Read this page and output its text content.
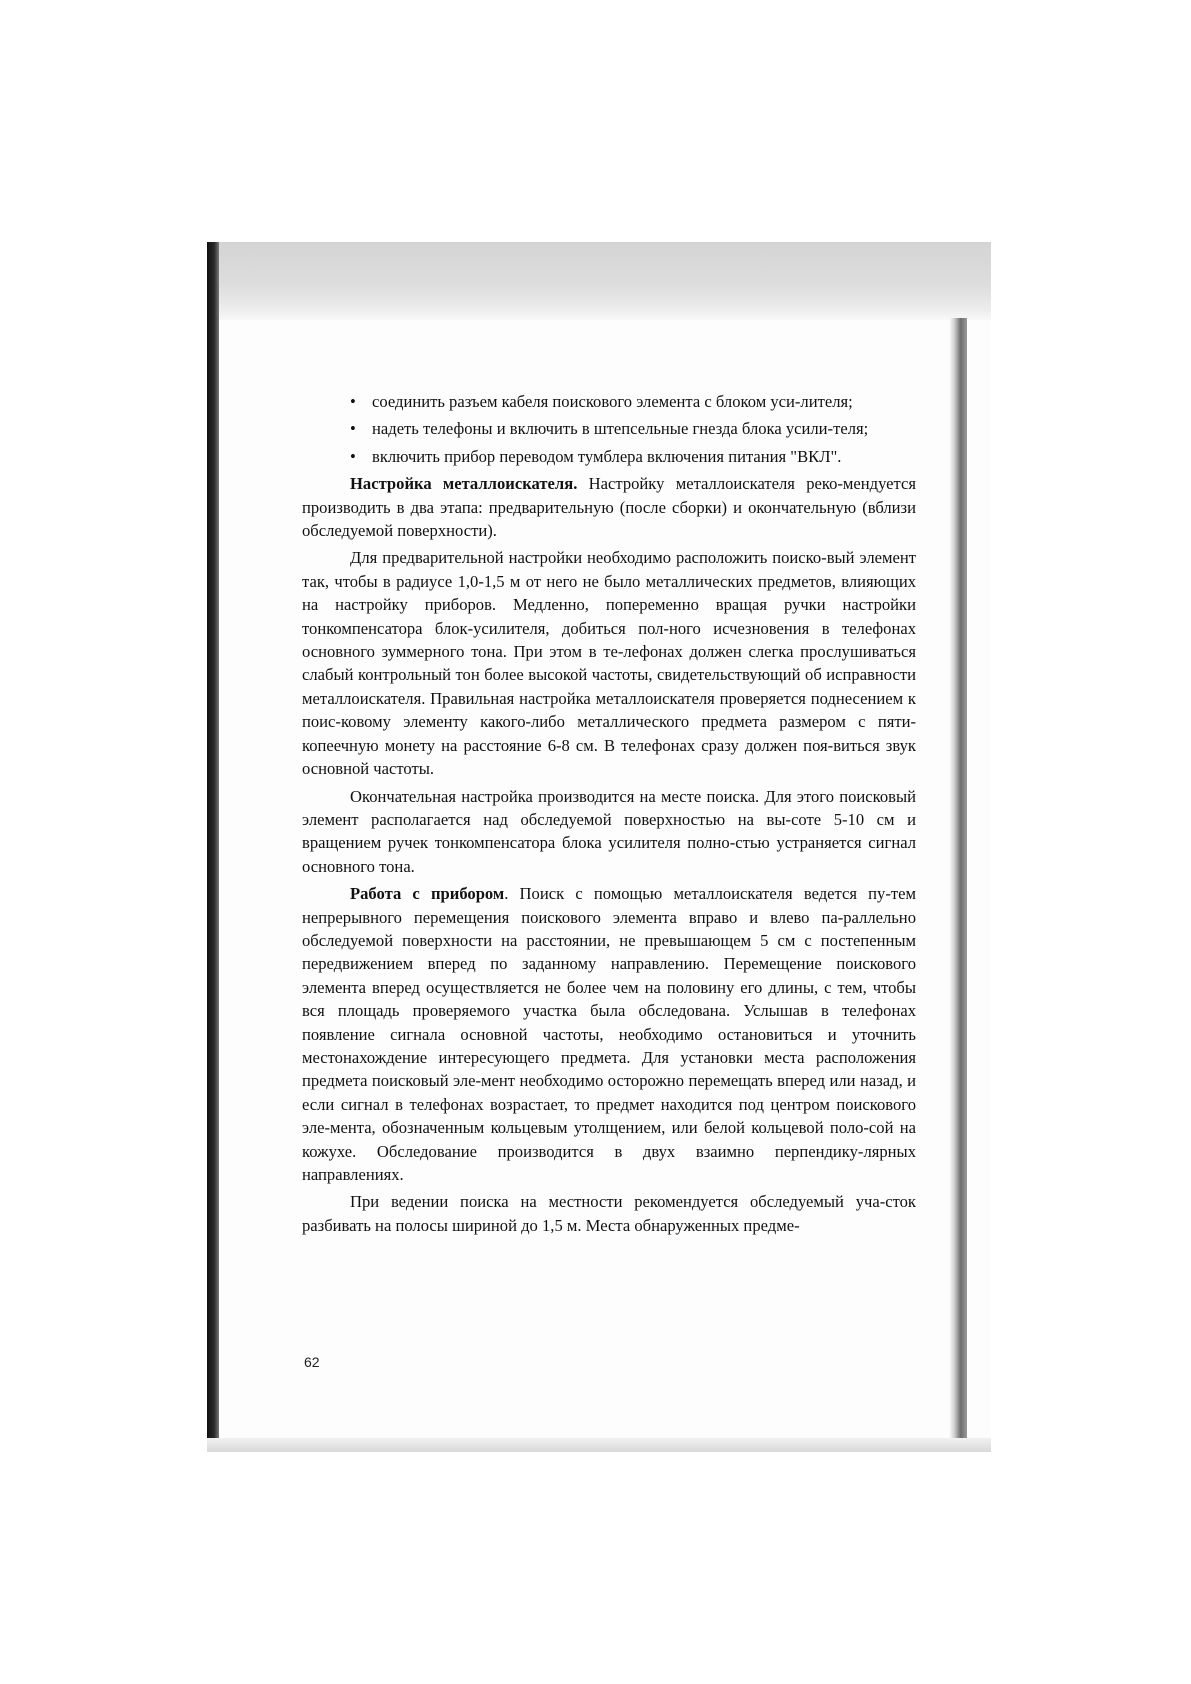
• соединить разъем кабеля поискового элемента с блоком уси-лителя;

• надеть телефоны и включить в штепсельные гнезда блока усили-теля;

• включить прибор переводом тумблера включения питания "ВКЛ".

Настройка металлоискателя. Настройку металлоискателя реко-мендуется производить в два этапа: предварительную (после сборки) и окончательную (вблизи обследуемой поверхности).

Для предварительной настройки необходимо расположить поиско-вый элемент так, чтобы в радиусе 1,0-1,5 м от него не было металлических предметов, влияющих на настройку приборов. Медленно, попеременно вращая ручки настройки тонкомпенсатора блок-усилителя, добиться пол-ного исчезновения в телефонах основного зуммерного тона. При этом в те-лефонах должен слегка прослушиваться слабый контрольный тон более высокой частоты, свидетельствующий об исправности металлоискателя. Правильная настройка металлоискателя проверяется поднесением к поис-ковому элементу какого-либо металлического предмета размером с пяти-копеечную монету на расстояние 6-8 см. В телефонах сразу должен поя-виться звук основной частоты.

Окончательная настройка производится на месте поиска. Для этого поисковый элемент располагается над обследуемой поверхностью на вы-соте 5-10 см и вращением ручек тонкомпенсатора блока усилителя полно-стью устраняется сигнал основного тона.

Работа с прибором. Поиск с помощью металлоискателя ведется пу-тем непрерывного перемещения поискового элемента вправо и влево па-раллельно обследуемой поверхности на расстоянии, не превышающем 5 см с постепенным передвижением вперед по заданному направлению. Перемещение поискового элемента вперед осуществляется не более чем на половину его длины, с тем, чтобы вся площадь проверяемого участка была обследована. Услышав в телефонах появление сигнала основной частоты, необходимо остановиться и уточнить местонахождение интересующего предмета. Для установки места расположения предмета поисковый эле-мент необходимо осторожно перемещать вперед или назад, и если сигнал в телефонах возрастает, то предмет находится под центром поискового эле-мента, обозначенным кольцевым утолщением, или белой кольцевой поло-сой на кожухе. Обследование производится в двух взаимно перпендику-лярных направлениях.

При ведении поиска на местности рекомендуется обследуемый уча-сток разбивать на полосы шириной до 1,5 м. Места обнаруженных предме-

62
